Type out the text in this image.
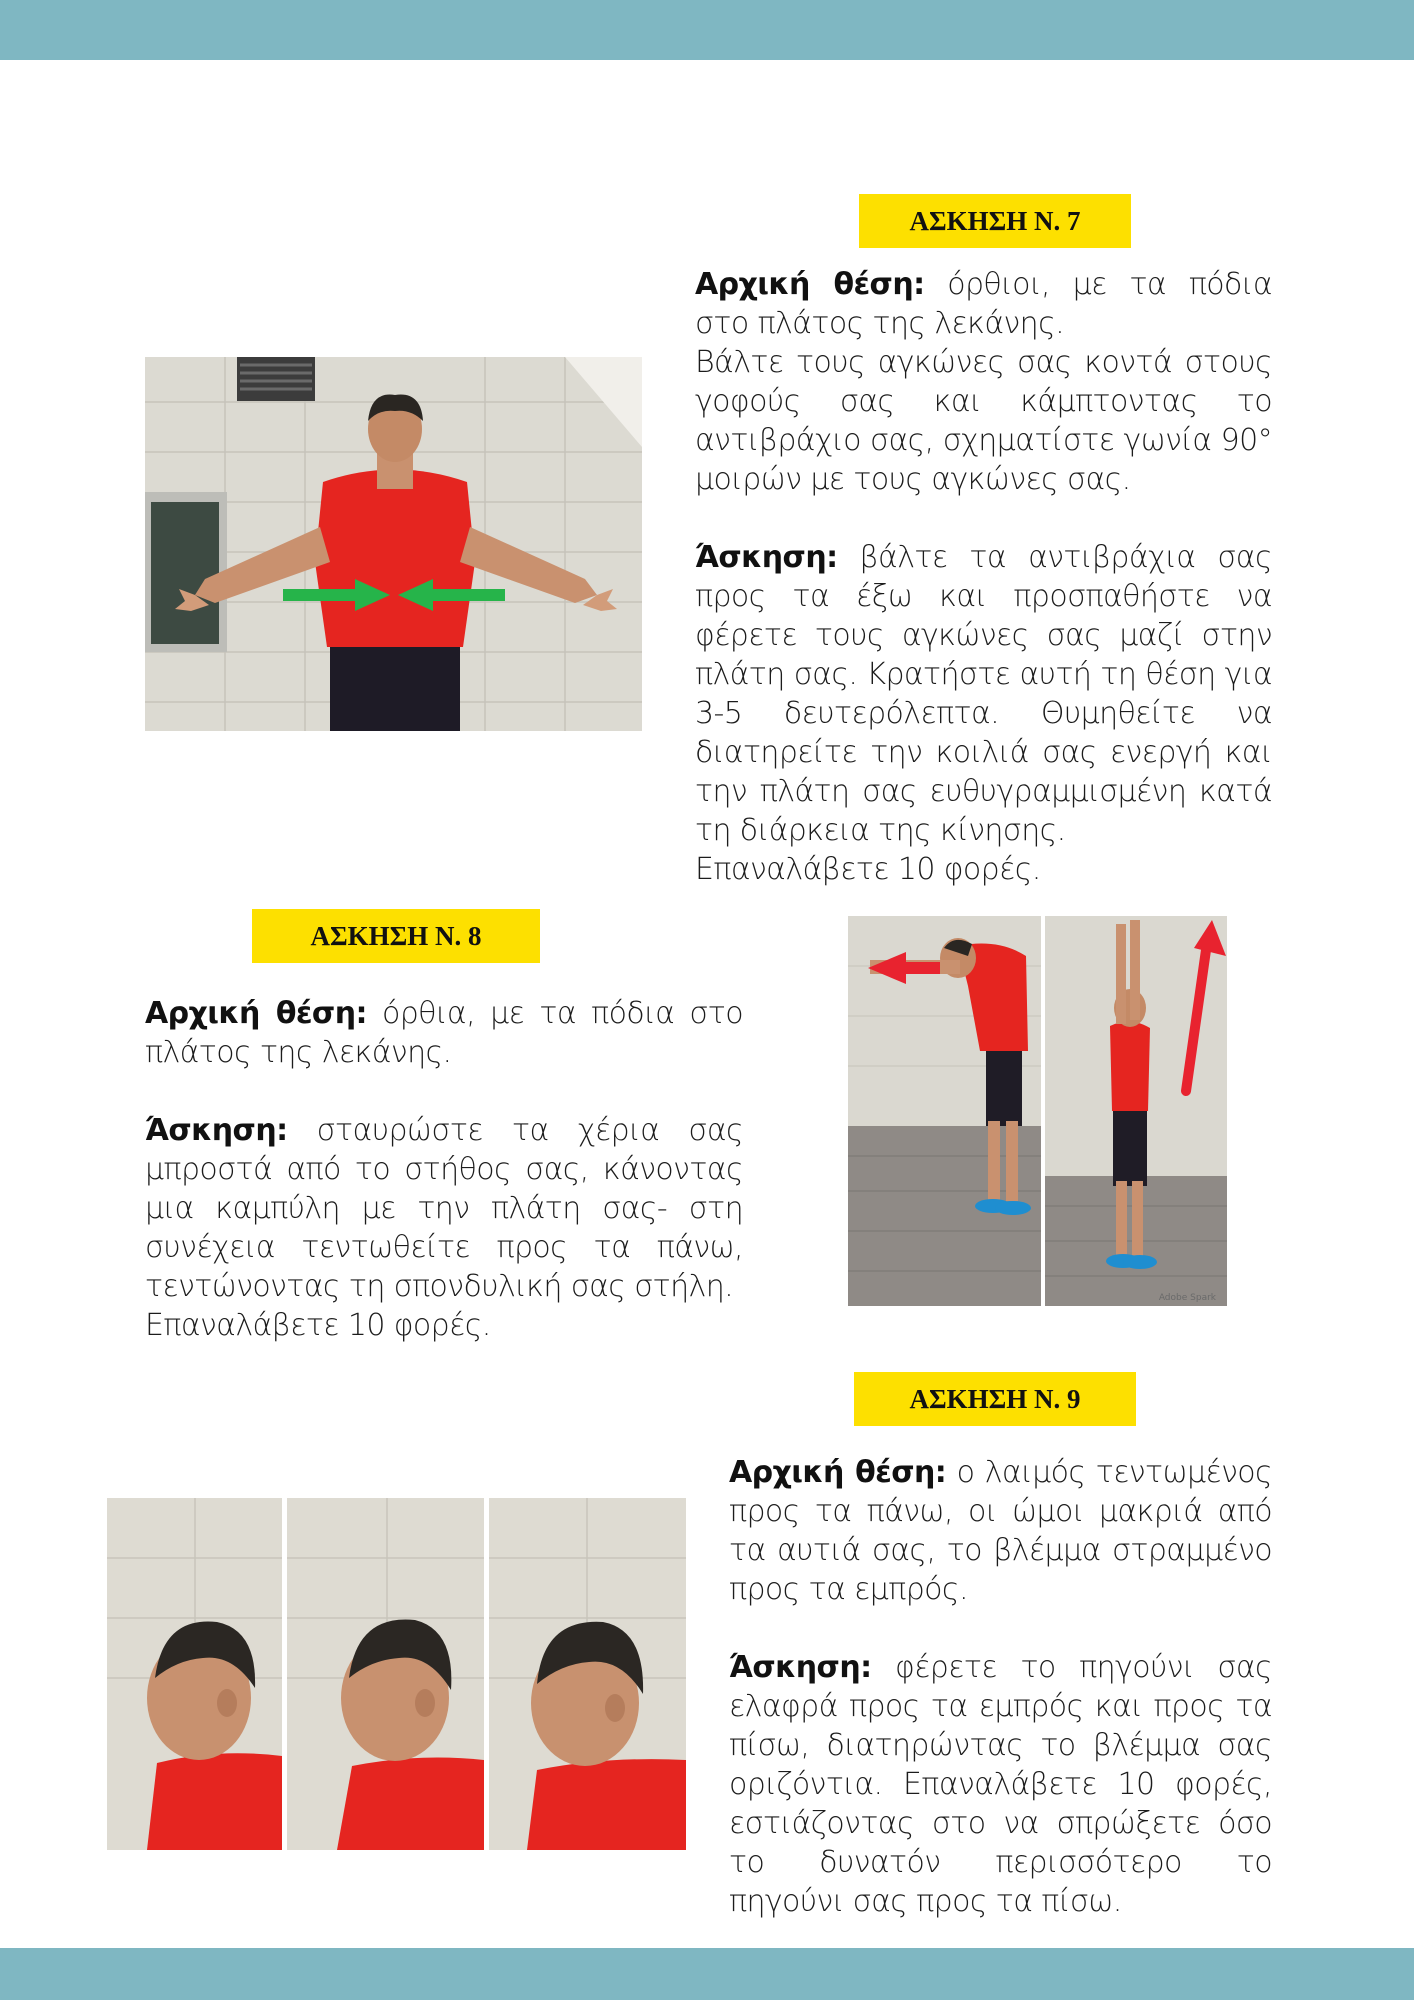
ΑΣΚΗΣΗ Ν. 7

Αρχική θέση: όρθιοι, με τα πόδια

στο πλάτος της λεκάνης.

Βάλτε τους αγκώνες σας κοντά στους

γοφούς σας και κάμπτοντας το

αντιβράχιο σας, σχηματίστε γωνία 90°

μοιρών με τους αγκώνες σας.

Άσκηση: βάλτε τα αντιβράχια σας

προς τα έξω και προσπαθήστε να

φέρετε τους αγκώνες σας μαζί στην

πλάτη σας. Κρατήστε αυτή τη θέση για

3-5 δευτερόλεπτα. Θυμηθείτε να

διατηρείτε την κοιλιά σας ενεργή και

την πλάτη σας ευθυγραμμισμένη κατά

τη διάρκεια της κίνησης.

Επαναλάβετε 10 φορές.

ΑΣΚΗΣΗ Ν. 8

Αρχική θέση: όρθια, με τα πόδια στο

πλάτος της λεκάνης.

Άσκηση: σταυρώστε τα χέρια σας

μπροστά από το στήθος σας, κάνοντας

μια καμπύλη με την πλάτη σας- στη

συνέχεια τεντωθείτε προς τα πάνω,

τεντώνοντας τη σπονδυλική σας στήλη.

Επαναλάβετε 10 φορές.

Adobe Spark
ΑΣΚΗΣΗ Ν. 9

Αρχική θέση: ο λαιμός τεντωμένος

προς τα πάνω, οι ώμοι μακριά από

τα αυτιά σας, το βλέμμα στραμμένο

προς τα εμπρός.

Άσκηση: φέρετε το πηγούνι σας

ελαφρά προς τα εμπρός και προς τα

πίσω, διατηρώντας το βλέμμα σας

οριζόντια. Επαναλάβετε 10 φορές,

εστιάζοντας στο να σπρώξετε όσο

το δυνατόν περισσότερο το

πηγούνι σας προς τα πίσω.
